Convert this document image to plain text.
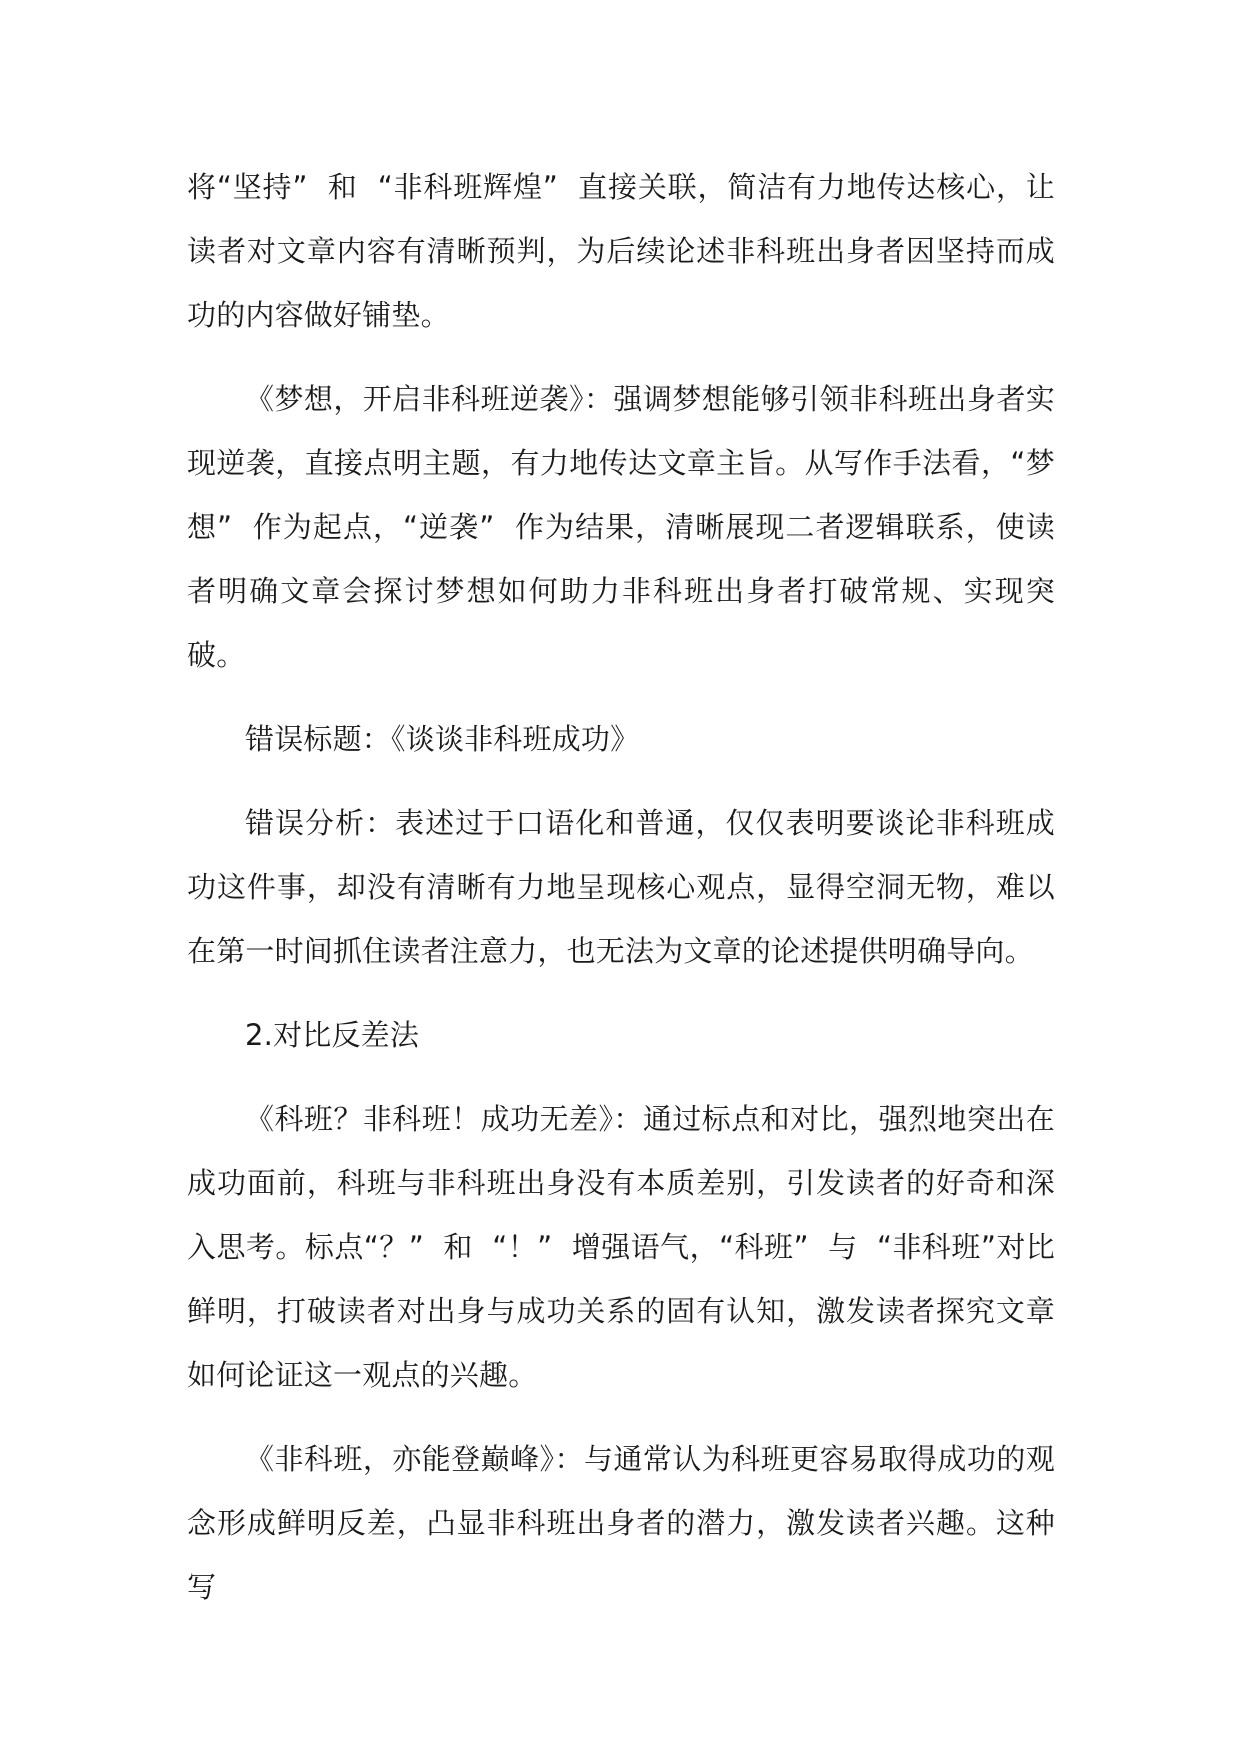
将“坚持”  和  “非科班辉煌”  直接关联，简洁有力地传达核心，让读者对文章内容有清晰预判，为后续论述非科班出身者因坚持而成功的内容做好铺垫。

《梦想，开启非科班逆袭》：强调梦想能够引领非科班出身者实现逆袭，直接点明主题，有力地传达文章主旨。从写作手法看，“梦想”  作为起点，“逆袭”  作为结果，清晰展现二者逻辑联系，使读者明确文章会探讨梦想如何助力非科班出身者打破常规、实现突破。

错误标题：《谈谈非科班成功》

错误分析：表述过于口语化和普通，仅仅表明要谈论非科班成功这件事，却没有清晰有力地呈现核心观点，显得空洞无物，难以在第一时间抓住读者注意力，也无法为文章的论述提供明确导向。

2.对比反差法

《科班？非科班！成功无差》：通过标点和对比，强烈地突出在成功面前，科班与非科班出身没有本质差别，引发读者的好奇和深入思考。标点“？”  和  “！”  增强语气，“科班”  与  “非科班”对比鲜明，打破读者对出身与成功关系的固有认知，激发读者探究文章如何论证这一观点的兴趣。

《非科班，亦能登巅峰》：与通常认为科班更容易取得成功的观念形成鲜明反差，凸显非科班出身者的潜力，激发读者兴趣。这种写
